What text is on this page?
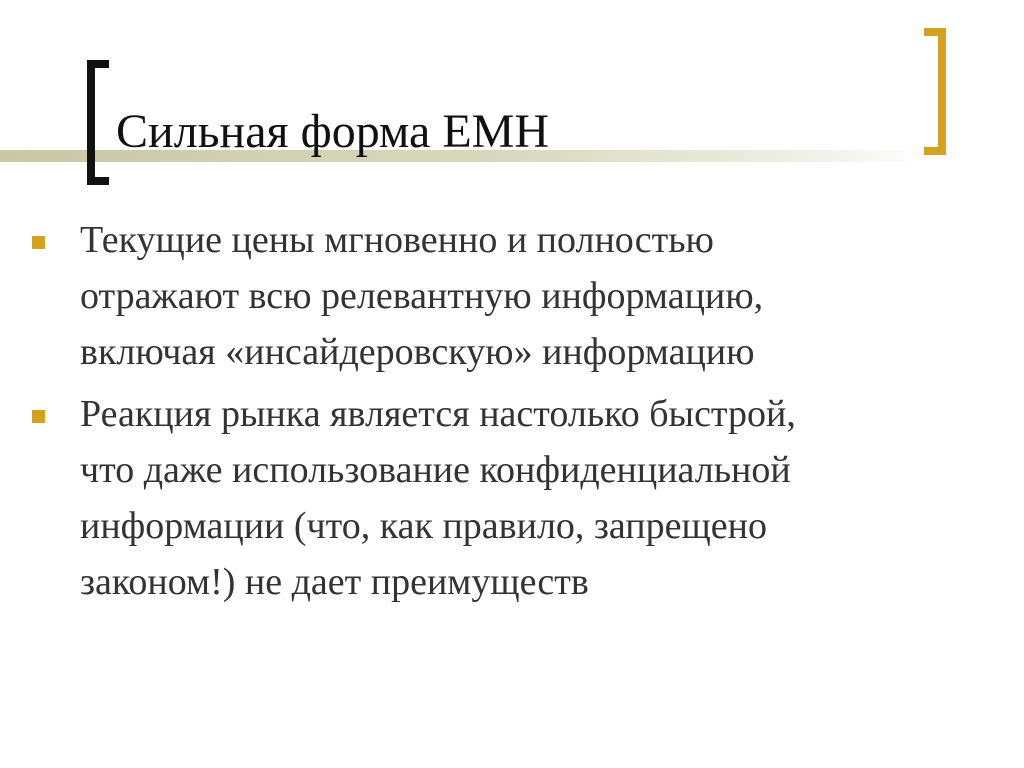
Сильная форма ЕМН
Текущие цены мгновенно и полностью
отражают всю релевантную информацию,
включая «инсайдеровскую» информацию
Реакция рынка является настолько быстрой,
что даже использование конфиденциальной
информации (что, как правило, запрещено
законом!) не дает преимуществ
